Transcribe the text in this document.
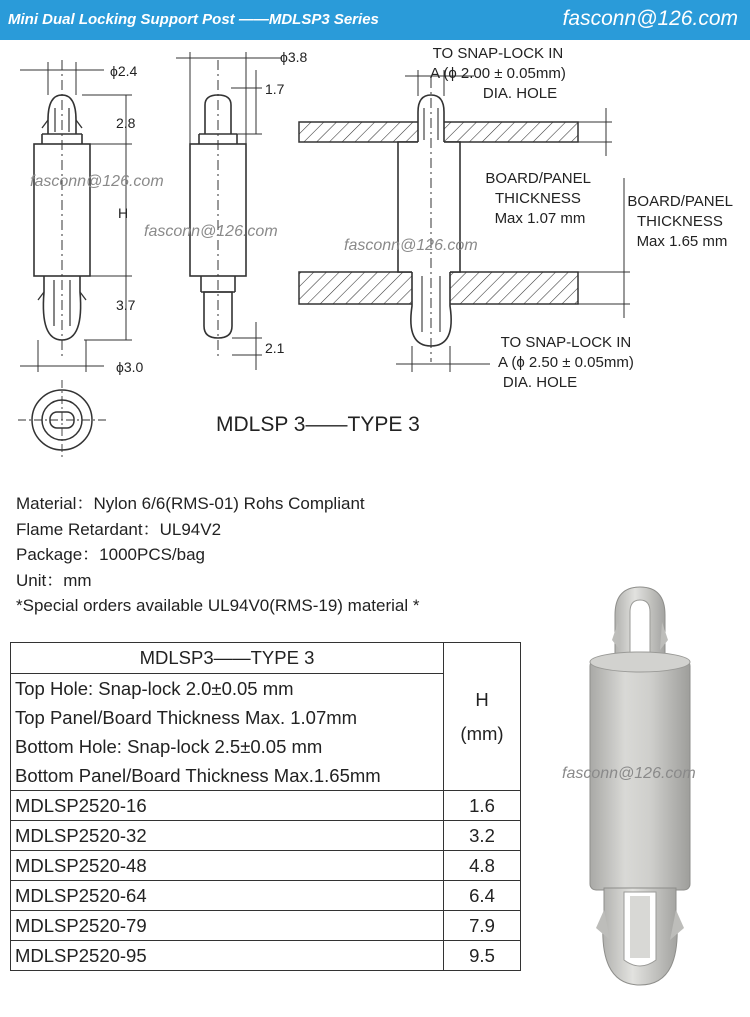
Mini Dual Locking Support Post ——MDLSP3 Series	fasconn@126.com
ϕ2.4
2.8
H
3.7
ϕ3.0
fasconn@126.com
ϕ3.8
1.7
2.1
fasconn@126.com
TO SNAP-LOCK IN A (ϕ 2.00 ± 0.05mm) DIA. HOLE
BOARD/PANEL THICKNESS Max 1.07 mm
BOARD/PANEL THICKNESS Max 1.65 mm
TO SNAP-LOCK IN A (ϕ 2.50 ± 0.05mm) DIA. HOLE
fasconn@126.com
MDLSP 3——TYPE 3
Material：Nylon 6/6(RMS-01) Rohs Compliant
Flame Retardant：UL94V2
Package：1000PCS/bag
Unit：mm
*Special orders available UL94V0(RMS-19) material *
MDLSP3——TYPE 3	H
(mm)

Top Hole: Snap-lock 2.0±0.05 mm
Top Panel/Board Thickness Max. 1.07mm
Bottom Hole: Snap-lock 2.5±0.05 mm
Bottom Panel/Board Thickness Max.1.65mm	

MDLSP2520-16	1.6
MDLSP2520-32	3.2
MDLSP2520-48	4.8
MDLSP2520-64	6.4
MDLSP2520-79	7.9
MDLSP2520-95	9.5
fasconn@126.com
